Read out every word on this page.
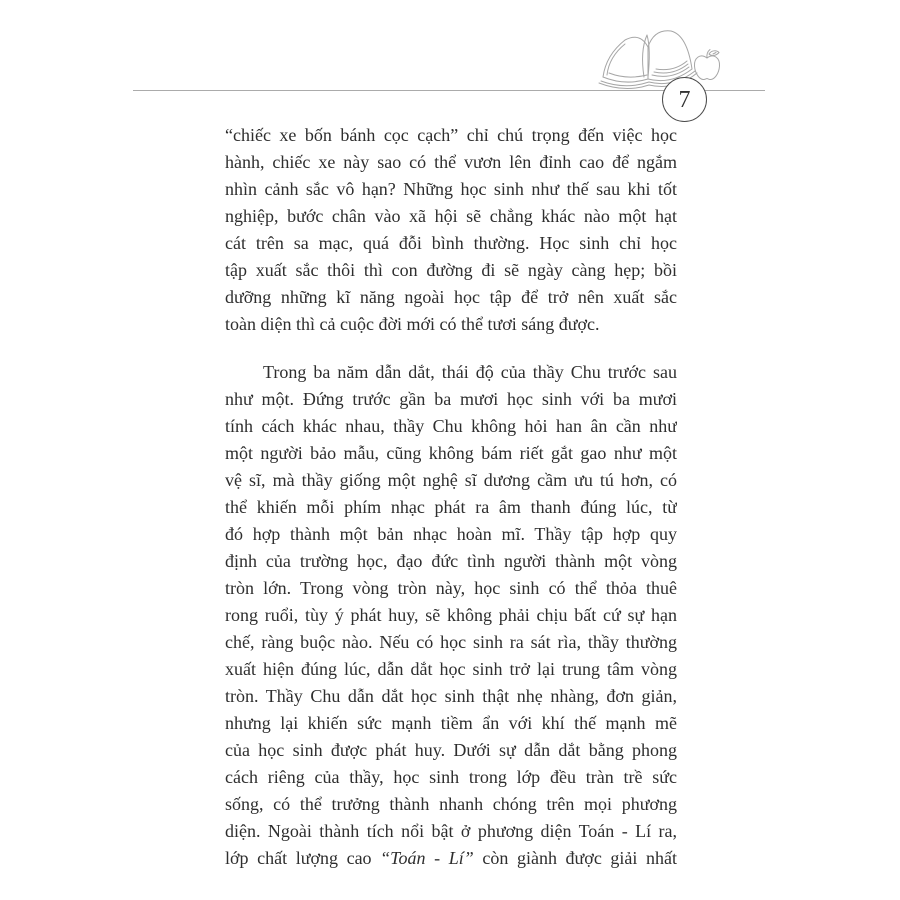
7
“chiếc xe bốn bánh cọc cạch” chỉ chú trọng đến việc học
hành, chiếc xe này sao có thể vươn lên đỉnh cao để ngắm
nhìn cảnh sắc vô hạn? Những học sinh như thế sau khi tốt
nghiệp, bước chân vào xã hội sẽ chẳng khác nào một hạt
cát trên sa mạc, quá đỗi bình thường. Học sinh chỉ học
tập xuất sắc thôi thì con đường đi sẽ ngày càng hẹp; bồi
dưỡng những kĩ năng ngoài học tập để trở nên xuất sắc
toàn diện thì cả cuộc đời mới có thể tươi sáng được.
Trong ba năm dẫn dắt, thái độ của thầy Chu trước sau
như một. Đứng trước gần ba mươi học sinh với ba mươi
tính cách khác nhau, thầy Chu không hỏi han ân cần như
một người bảo mẫu, cũng không bám riết gắt gao như một
vệ sĩ, mà thầy giống một nghệ sĩ dương cầm ưu tú hơn, có
thể khiến mỗi phím nhạc phát ra âm thanh đúng lúc, từ
đó hợp thành một bản nhạc hoàn mĩ. Thầy tập hợp quy
định của trường học, đạo đức tình người thành một vòng
tròn lớn. Trong vòng tròn này, học sinh có thể thỏa thuê
rong ruổi, tùy ý phát huy, sẽ không phải chịu bất cứ sự hạn
chế, ràng buộc nào. Nếu có học sinh ra sát rìa, thầy thường
xuất hiện đúng lúc, dẫn dắt học sinh trở lại trung tâm vòng
tròn. Thầy Chu dẫn dắt học sinh thật nhẹ nhàng, đơn giản,
nhưng lại khiến sức mạnh tiềm ẩn với khí thế mạnh mẽ
của học sinh được phát huy. Dưới sự dẫn dắt bằng phong
cách riêng của thầy, học sinh trong lớp đều tràn trề sức
sống, có thể trưởng thành nhanh chóng trên mọi phương
diện. Ngoài thành tích nổi bật ở phương diện Toán - Lí ra,
lớp chất lượng cao “Toán - Lí” còn giành được giải nhất
